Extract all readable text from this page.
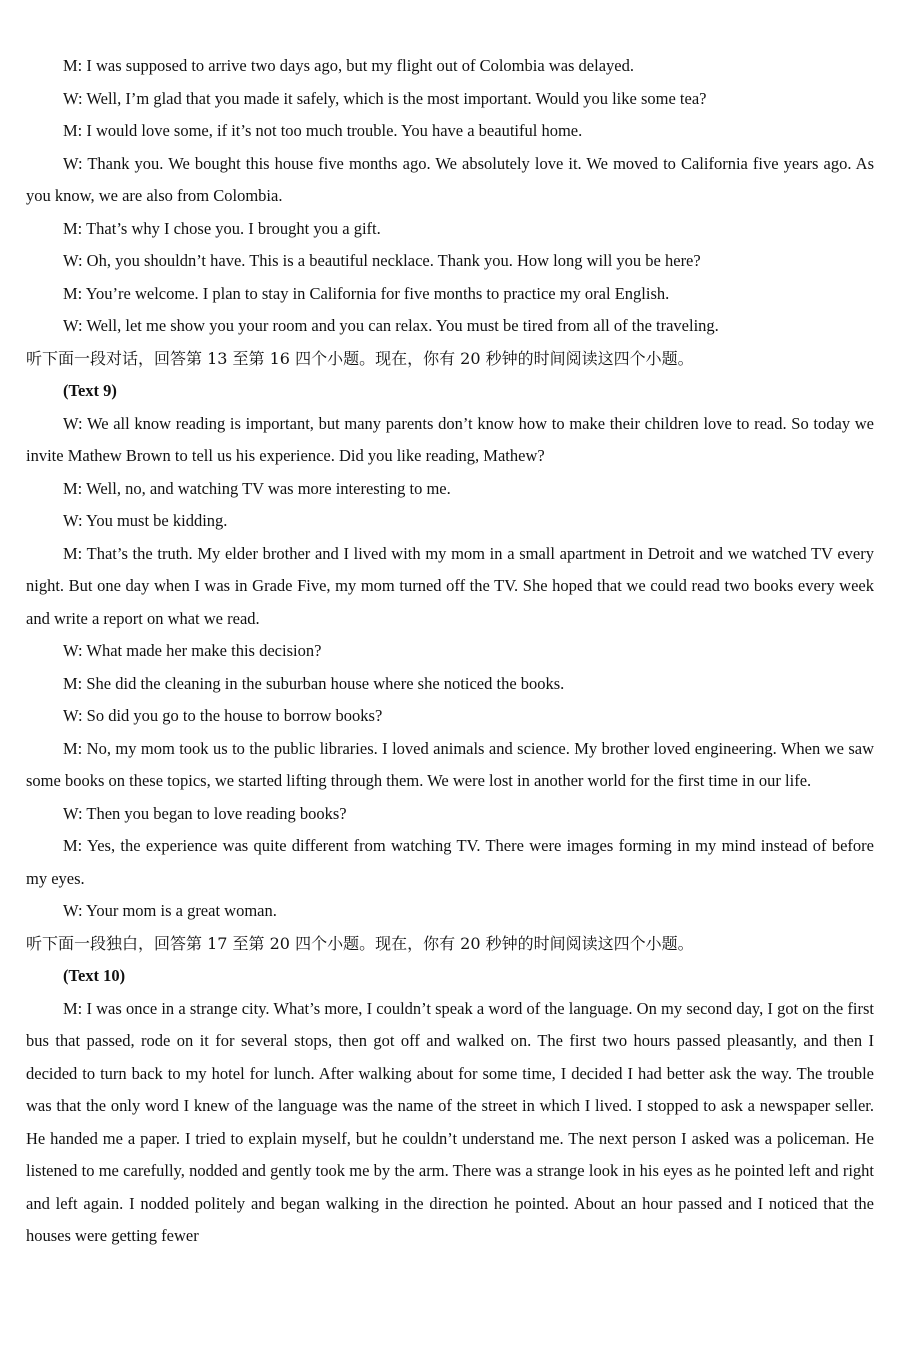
M: I was supposed to arrive two days ago, but my flight out of Colombia was delayed.

W: Well, I’m glad that you made it safely, which is the most important. Would you like some tea?

M: I would love some, if it’s not too much trouble. You have a beautiful home.

W: Thank you. We bought this house five months ago. We absolutely love it. We moved to California five years ago. As you know, we are also from Colombia.

M: That’s why I chose you. I brought you a gift.

W: Oh, you shouldn’t have. This is a beautiful necklace. Thank you. How long will you be here?

M: You’re welcome. I plan to stay in California for five months to practice my oral English.

W: Well, let me show you your room and you can relax. You must be tired from all of the traveling.

听下面一段对话，回答第 13 至第 16 四个小题。现在，你有 20 秒钟的时间阅读这四个小题。

(Text 9)

W: We all know reading is important, but many parents don’t know how to make their children love to read. So today we invite Mathew Brown to tell us his experience. Did you like reading, Mathew?

M: Well, no, and watching TV was more interesting to me.

W: You must be kidding.

M: That’s the truth. My elder brother and I lived with my mom in a small apartment in Detroit and we watched TV every night. But one day when I was in Grade Five, my mom turned off the TV. She hoped that we could read two books every week and write a report on what we read.

W: What made her make this decision?

M: She did the cleaning in the suburban house where she noticed the books.

W: So did you go to the house to borrow books?

M: No, my mom took us to the public libraries. I loved animals and science. My brother loved engineering. When we saw some books on these topics, we started lifting through them. We were lost in another world for the first time in our life.

W: Then you began to love reading books?

M: Yes, the experience was quite different from watching TV. There were images forming in my mind instead of before my eyes.

W: Your mom is a great woman.

听下面一段独白，回答第 17 至第 20 四个小题。现在，你有 20 秒钟的时间阅读这四个小题。

(Text 10)

M: I was once in a strange city. What’s more, I couldn’t speak a word of the language. On my second day, I got on the first bus that passed, rode on it for several stops, then got off and walked on. The first two hours passed pleasantly, and then I decided to turn back to my hotel for lunch. After walking about for some time, I decided I had better ask the way. The trouble was that the only word I knew of the language was the name of the street in which I lived. I stopped to ask a newspaper seller. He handed me a paper. I tried to explain myself, but he couldn’t understand me. The next person I asked was a policeman. He listened to me carefully, nodded and gently took me by the arm. There was a strange look in his eyes as he pointed left and right and left again. I nodded politely and began walking in the direction he pointed. About an hour passed and I noticed that the houses were getting fewer
